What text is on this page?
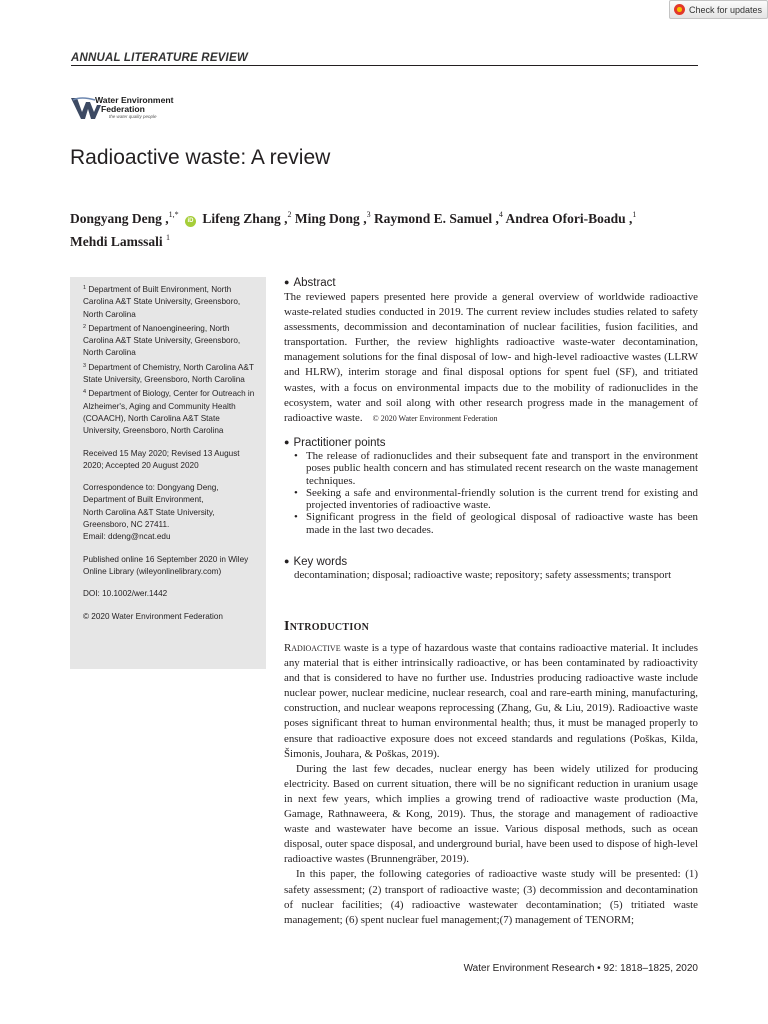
Check for updates
ANNUAL LITERATURE REVIEW
Water Environment
Federation
the water quality people
Radioactive waste: A review
Dongyang Deng ,$^{1,*}$ iD Lifeng Zhang ,$^2$ Ming Dong ,$^3$ Raymond E. Samuel ,$^4$ Andrea Ofori-Boadu ,$^1$
Mehdi Lamssali $^1$

$^1$ Department of Built Environment, North Carolina A&T State University, Greensboro, North Carolina

$^2$ Department of Nanoengineering, North Carolina A&T State University, Greensboro, North Carolina

$^3$ Department of Chemistry, North Carolina A&T State University, Greensboro, North Carolina

$^4$ Department of Biology, Center for Outreach in Alzheimer's, Aging and Community Health (COAACH), North Carolina A&T State University, Greensboro, North Carolina

Received 15 May 2020; Revised 13 August 2020; Accepted 20 August 2020

Correspondence to: Dongyang Deng,
Department of Built Environment,
North Carolina A&T State University,
Greensboro, NC 27411.
Email: ddeng@ncat.edu

Published online 16 September 2020 in Wiley Online Library (wileyonlinelibrary.com)

DOI: 10.1002/wer.1442

© 2020 Water Environment Federation

● Abstract

The reviewed papers presented here provide a general overview of worldwide radioactive waste-related studies conducted in 2019. The current review includes studies related to safety assessments, decommission and decontamination of nuclear facilities, fusion facilities, and transportation. Further, the review highlights radioactive waste-water decontamination, management solutions for the final disposal of low- and high-level radioactive wastes (LLRW and HLRW), interim storage and final disposal options for spent fuel (SF), and tritiated wastes, with a focus on environmental impacts due to the mobility of radionuclides in the ecosystem, water and soil along with other research progress made in the management of radioactive waste. © 2020 Water Environment Federation

● Practitioner points

• The release of radionuclides and their subsequent fate and transport in the environment poses public health concern and has stimulated recent research on the waste management techniques.
• Seeking a safe and environmental-friendly solution is the current trend for existing and projected inventories of radioactive waste.
• Significant progress in the field of geological disposal of radioactive waste has been made in the last two decades.

● Key words

decontamination; disposal; radioactive waste; repository; safety assessments; transport

Introduction

Radioactive waste is a type of hazardous waste that contains radioactive material. It includes any material that is either intrinsically radioactive, or has been contaminated by radioactivity and that is considered to have no further use. Industries producing radioactive waste include nuclear power, nuclear medicine, nuclear research, coal and rare-earth mining, manufacturing, construction, and nuclear weapons reprocessing (Zhang, Gu, & Liu, 2019). Radioactive waste poses significant threat to human environmental health; thus, it must be managed properly to ensure that radioactive exposure does not exceed standards and regulations (Poškas, Kilda, Šimonis, Jouhara, & Poškas, 2019).

During the last few decades, nuclear energy has been widely utilized for producing electricity. Based on current situation, there will be no significant reduction in uranium usage in next few years, which implies a growing trend of radioactive waste production (Ma, Gamage, Rathnaweera, & Kong, 2019). Thus, the storage and management of radioactive waste and wastewater have become an issue. Various disposal methods, such as ocean disposal, outer space disposal, and underground burial, have been used to dispose of high-level radioactive wastes (Brunnengräber, 2019).

In this paper, the following categories of radioactive waste study will be presented: (1) safety assessment; (2) transport of radioactive waste; (3) decommission and decontamination of nuclear facilities; (4) radioactive wastewater decontamination; (5) tritiated waste management; (6) spent nuclear fuel management;(7) management of TENORM;

Water Environment Research • 92: 1818–1825, 2020
